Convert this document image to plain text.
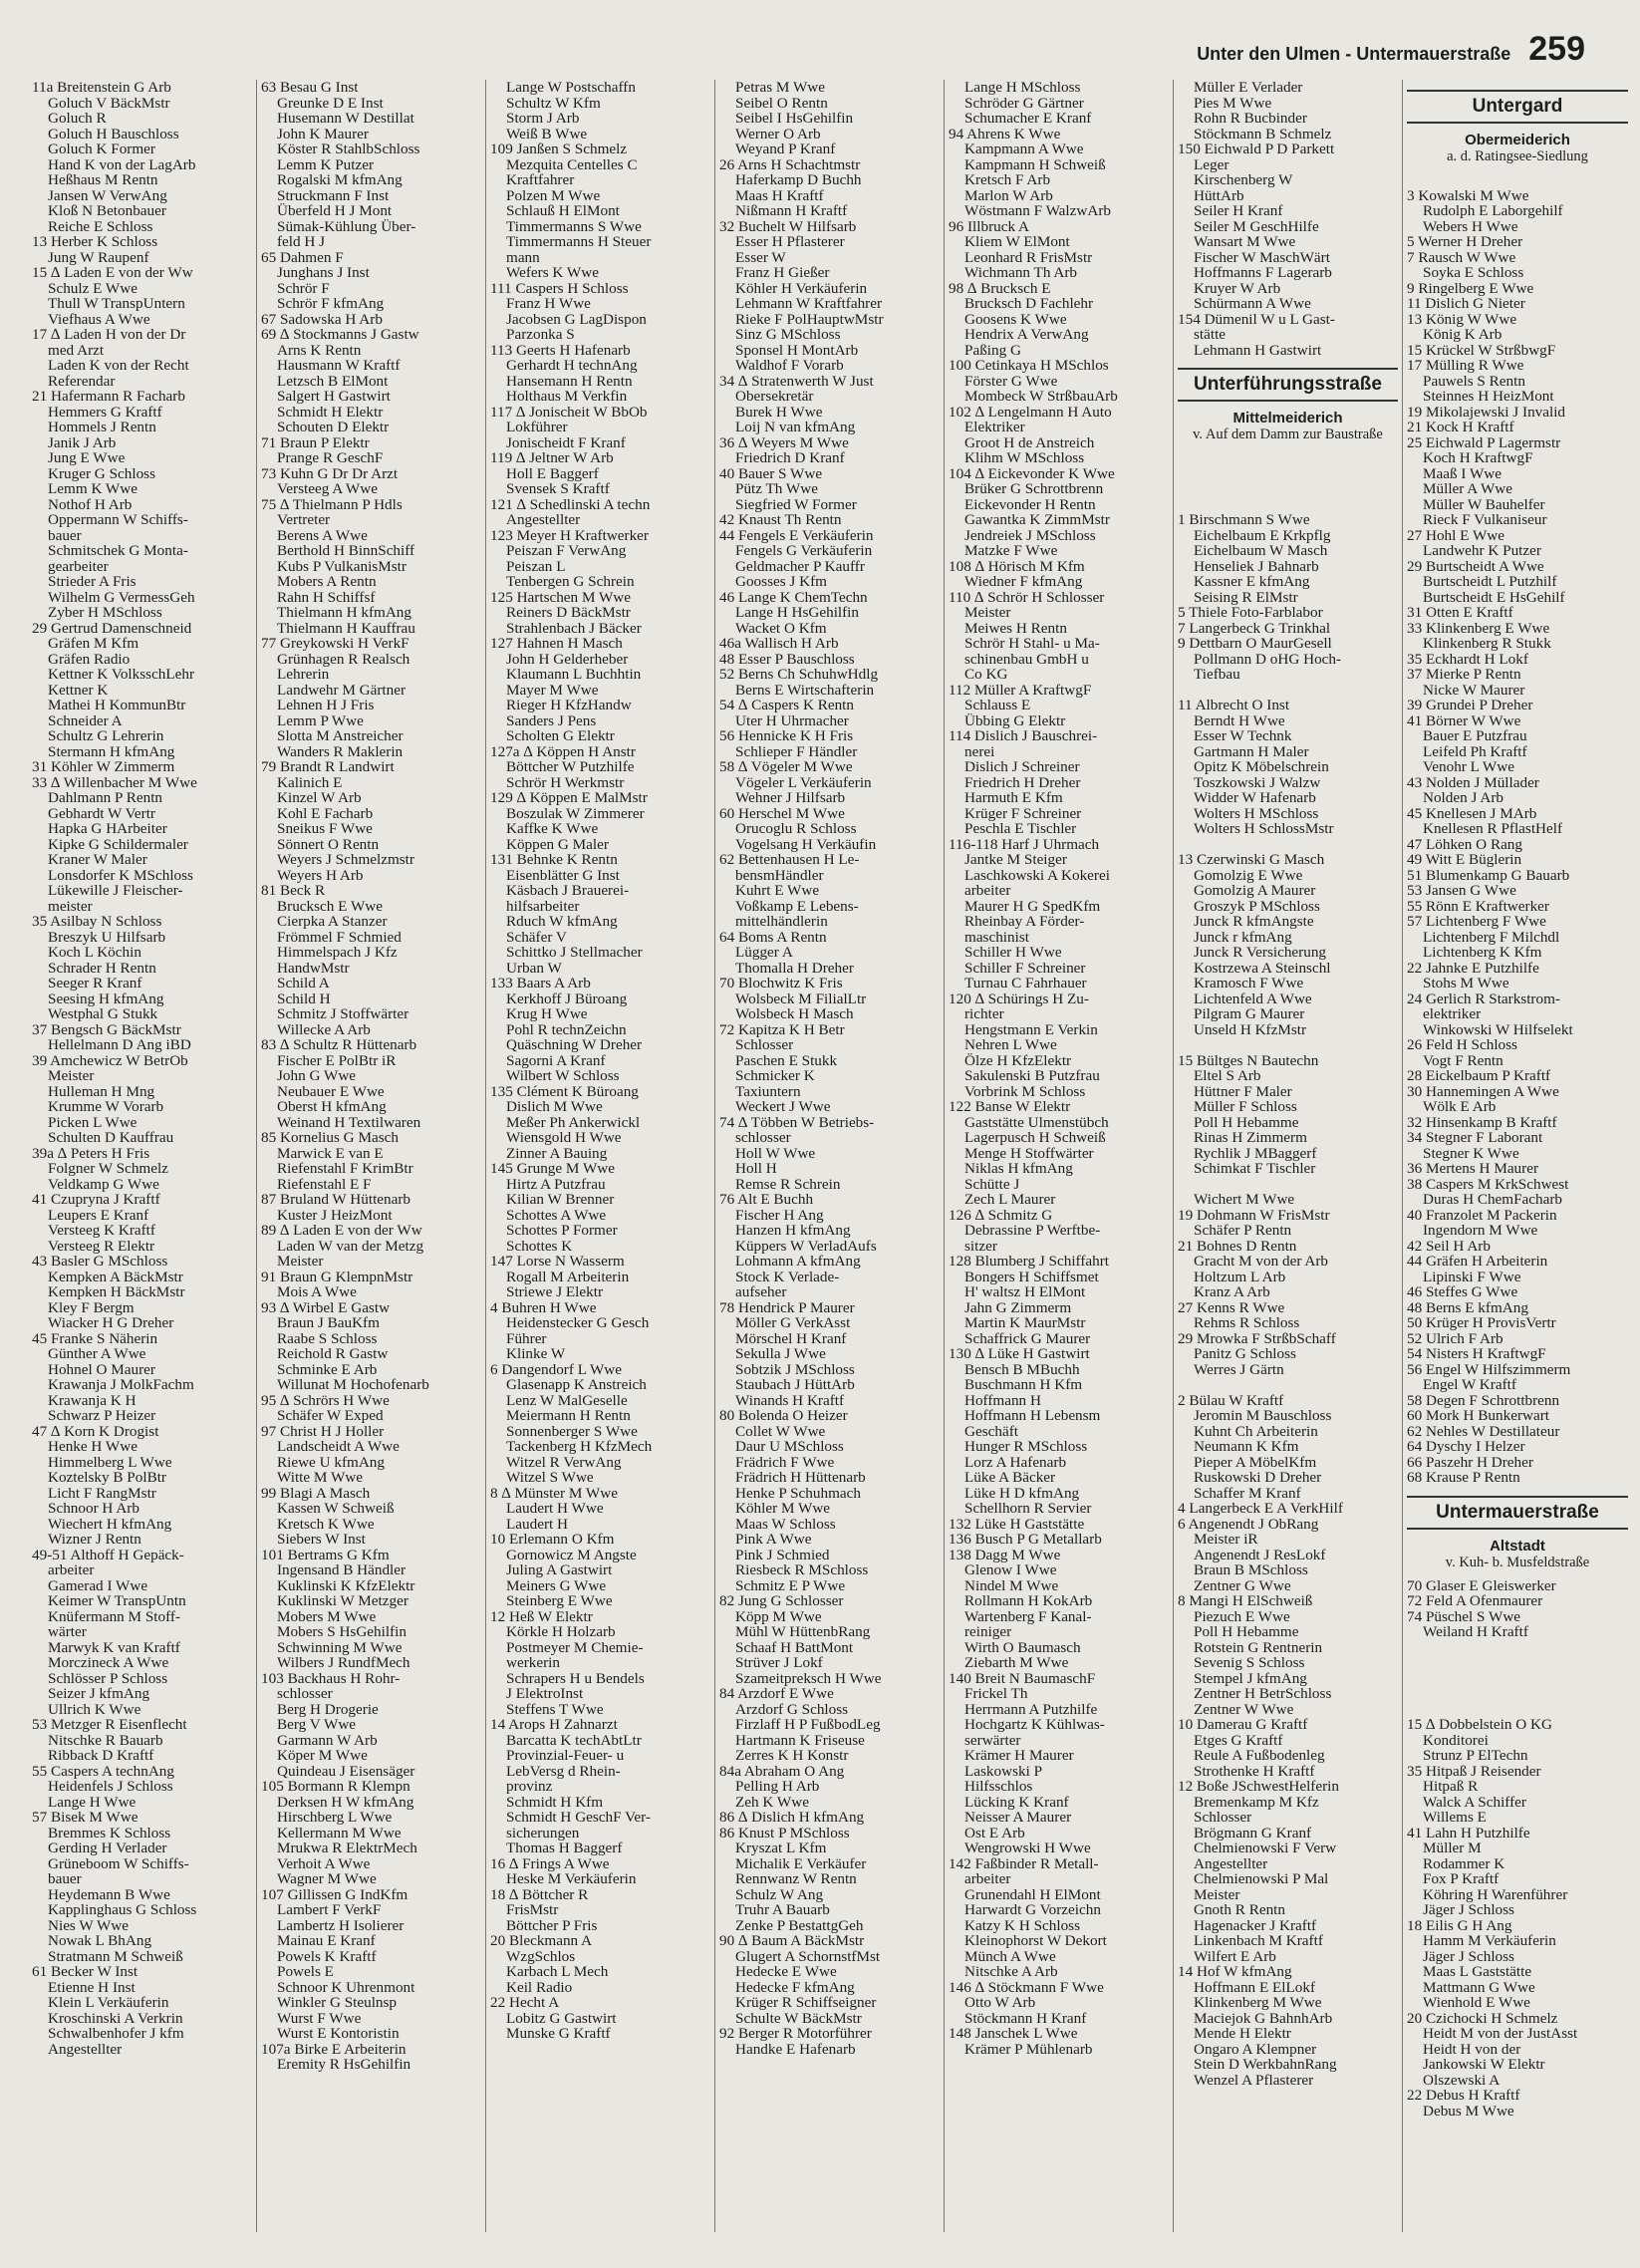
Unter den Ulmen - Untermauerstraße 259
11a Breitenstein G Arb
Goluch V BäckMstr
Goluch R
Goluch H Bauschloss
Goluch K Former
Hand K von der LagArb
Heßhaus M Rentn
Jansen W VerwAng
Kloß N Betonbauer
Reiche E Schloss
13 Herber K Schloss
Jung W Raupenf
15 ∆ Laden E von der Ww
Schulz E Wwe
Thull W TranspUntern
Viefhaus A Wwe
17 ∆ Laden H von der Dr
med Arzt
Laden K von der Recht
Referendar
21 Hafermann R Facharb
Hemmers G Kraftf
Hommels J Rentn
Janik J Arb
Jung E Wwe
Kruger G Schloss
Lemm K Wwe
Nothof H Arb
Oppermann W Schiffs-
bauer
Schmitschek G Monta-
gearbeiter
Strieder A Fris
Wilhelm G VermessGeh
Zyber H MSchloss
29 Gertrud Damenschneid
Gräfen M Kfm
Gräfen Radio
Kettner K VolksschLehr
Kettner K
Mathei H KommunBtr
Schneider A
Schultz G Lehrerin
Stermann H kfmAng
31 Köhler W Zimmerm
33 ∆ Willenbacher M Wwe
Dahlmann P Rentn
Gebhardt W Vertr
Hapka G HArbeiter
Kipke G Schildermaler
Kraner W Maler
Lonsdorfer K MSchloss
Lükewille J Fleischer-
meister
35 Asilbay N Schloss
Breszyk U Hilfsarb
Koch L Köchin
Schrader H Rentn
Seeger R Kranf
Seesing H kfmAng
Westphal G Stukk
37 Bengsch G BäckMstr
Hellelmann D Ang iBD
39 Amchewicz W BetrOb
Meister
Hulleman H Mng
Krumme W Vorarb
Picken L Wwe
Schulten D Kauffrau
39a ∆ Peters H Fris
Folgner W Schmelz
Veldkamp G Wwe
41 Czupryna J Kraftf
Leupers E Kranf
Versteeg K Kraftf
Versteeg R Elektr
43 Basler G MSchloss
Kempken A BäckMstr
Kempken H BäckMstr
Kley F Bergm
Wiacker H G Dreher
45 Franke S Näherin
Günther A Wwe
Hohnel O Maurer
Krawanja J MolkFachm
Krawanja K H
Schwarz P Heizer
47 ∆ Korn K Drogist
Henke H Wwe
Himmelberg L Wwe
Koztelsky B PolBtr
Licht F RangMstr
Schnoor H Arb
Wiechert H kfmAng
Wizner J Rentn
49-51 Althoff H Gepäck-
arbeiter
Gamerad I Wwe
Keimer W TranspUntn
Knüfermann M Stoff-
wärter
Marwyk K van Kraftf
Morczineck A Wwe
Schlösser P Schloss
Seizer J kfmAng
Ullrich K Wwe
53 Metzger R Eisenflecht
Nitschke R Bauarb
Ribback D Kraftf
55 Caspers A technAng
Heidenfels J Schloss
Lange H Wwe
57 Bisek M Wwe
Bremmes K Schloss
Gerding H Verlader
Grüneboom W Schiffs-
bauer
Heydemann B Wwe
Kapplinghaus G Schloss
Nies W Wwe
Nowak L BhAng
Stratmann M Schweiß
61 Becker W Inst
Etienne H Inst
Klein L Verkäuferin
Kroschinski A Verkrin
Schwalbenhofer J kfm
Angestellter
63 Besau G Inst
Greunke D E Inst
Husemann W Destillat
John K Maurer
Köster R StahlbSchloss
Lemm K Putzer
Rogalski M kfmAng
Struckmann F Inst
Überfeld H J Mont
Sümak-Kühlung Über-
feld H J
65 Dahmen F
Junghans J Inst
Schrör F
Schrör F kfmAng
67 Sadowska H Arb
69 ∆ Stockmanns J Gastw
Arns K Rentn
Hausmann W Kraftf
Letzsch B ElMont
Salgert H Gastwirt
Schmidt H Elektr
Schouten D Elektr
71 Braun P Elektr
Prange R GeschF
73 Kuhn G Dr Dr Arzt
Versteeg A Wwe
75 ∆ Thielmann P Hdls
Vertreter
Berens A Wwe
Berthold H BinnSchiff
Kubs P VulkanisMstr
Mobers A Rentn
Rahn H Schiffsf
Thielmann H kfmAng
Thielmann H Kauffrau
77 Greykowski H VerkF
Grünhagen R Realsch
Lehrerin
Landwehr M Gärtner
Lehnen H J Fris
Lemm P Wwe
Slotta M Anstreicher
Wanders R Maklerin
79 Brandt R Landwirt
Kalinich E
Kinzel W Arb
Kohl E Facharb
Sneikus F Wwe
Sönnert O Rentn
Weyers J Schmelzmstr
Weyers H Arb
81 Beck R
Brucksch E Wwe
Cierpka A Stanzer
Frömmel F Schmied
Himmelspach J Kfz
HandwMstr
Schild A
Schild H
Schmitz J Stoffwärter
Willecke A Arb
83 ∆ Schultz R Hüttenarb
Fischer E PolBtr iR
John G Wwe
Neubauer E Wwe
Oberst H kfmAng
Weinand H Textilwaren
85 Kornelius G Masch
Marwick E van E
Riefenstahl F KrimBtr
Riefenstahl E F
87 Bruland W Hüttenarb
Kuster J HeizMont
89 ∆ Laden E von der Ww
Laden W van der Metzg
Meister
91 Braun G KlempnMstr
Mois A Wwe
93 ∆ Wirbel E Gastw
Braun J BauKfm
Raabe S Schloss
Reichold R Gastw
Schminke E Arb
Willunat M Hochofenarb
95 ∆ Schrörs H Wwe
Schäfer W Exped
97 Christ H J Holler
Landscheidt A Wwe
Riewe U kfmAng
Witte M Wwe
99 Blagi A Masch
Kassen W Schweiß
Kretsch K Wwe
Siebers W Inst
101 Bertrams G Kfm
Ingensand B Händler
Kuklinski K KfzElektr
Kuklinski W Metzger
Mobers M Wwe
Mobers S HsGehilfin
Schwinning M Wwe
Wilbers J RundfMech
103 Backhaus H Rohr-
schlosser
Berg H Drogerie
Berg V Wwe
Garmann W Arb
Köper M Wwe
Quindeau J Eisensäger
105 Bormann R Klempn
Derksen H W kfmAng
Hirschberg L Wwe
Kellermann M Wwe
Mrukwa R ElektrMech
Verhoit A Wwe
Wagner M Wwe
107 Gillissen G IndKfm
Lambert F VerkF
Lambertz H Isolierer
Mainau E Kranf
Powels K Kraftf
Powels E
Schnoor K Uhrenmont
Winkler G Steulnsp
Wurst F Wwe
Wurst E Kontoristin
107a Birke E Arbeiterin
Eremity R HsGehilfin
Lange W Postschaffn
Schultz W Kfm
Storm J Arb
Weiß B Wwe
109 Janßen S Schmelz
Mezquita Centelles C
Kraftfahrer
Polzen M Wwe
Schlauß H ElMont
Timmermanns S Wwe
Timmermanns H Steuer
mann
Wefers K Wwe
111 Caspers H Schloss
Franz H Wwe
Jacobsen G LagDispon
Parzonka S
113 Geerts H Hafenarb
Gerhardt H technAng
Hansemann H Rentn
Holthaus M Verkfin
117 ∆ Jonischeit W BbOb
Lokführer
Jonischeidt F Kranf
119 ∆ Jeltner W Arb
Holl E Baggerf
Svensek S Kraftf
121 ∆ Schedlinski A techn
Angestellter
123 Meyer H Kraftwerker
Peiszan F VerwAng
Peiszan L
Tenbergen G Schrein
125 Hartschen M Wwe
Reiners D BäckMstr
Strahlenbach J Bäcker
127 Hahnen H Masch
John H Gelderheber
Klaumann L Buchhtin
Mayer M Wwe
Rieger H KfzHandw
Sanders J Pens
Scholten G Elektr
127a ∆ Köppen H Anstr
Böttcher W Putzhilfe
Schrör H Werkmstr
129 ∆ Köppen E MalMstr
Boszulak W Zimmerer
Kaffke K Wwe
Köppen G Maler
131 Behnke K Rentn
Eisenblätter G Inst
Käsbach J Brauerei-
hilfsarbeiter
Rduch W kfmAng
Schäfer V
Schittko J Stellmacher
Urban W
133 Baars A Arb
Kerkhoff J Büroang
Krug H Wwe
Pohl R technZeichn
Quäschning W Dreher
Sagorni A Kranf
Wilbert W Schloss
135 Clément K Büroang
Dislich M Wwe
Meßer Ph Ankerwickl
Wiensgold H Wwe
Zinner A Bauing
145 Grunge M Wwe
Hirtz A Putzfrau
Kilian W Brenner
Schottes A Wwe
Schottes P Former
Schottes K
147 Lorse N Wasserm
Rogall M Arbeiterin
Striewe J Elektr
4 Buhren H Wwe
Heidenstecker G Gesch
Führer
Klinke W
6 Dangendorf L Wwe
Glasenapp K Anstreich
Lenz W MalGeselle
Meiermann H Rentn
Sonnenberger S Wwe
Tackenberg H KfzMech
Witzel R VerwAng
Witzel S Wwe
8 ∆ Münster M Wwe
Laudert H Wwe
Laudert H
10 Erlemann O Kfm
Gornowicz M Angste
Juling A Gastwirt
Meiners G Wwe
Steinberg E Wwe
12 Heß W Elektr
Körkle H Holzarb
Postmeyer M Chemie-
werkerin
Schrapers H u Bendels
J ElektroInst
Steffens T Wwe
14 Arops H Zahnarzt
Barcatta K techAbtLtr
Provinzial-Feuer- u
LebVersg d Rhein-
provinz
Schmidt H Kfm
Schmidt H GeschF Ver-
sicherungen
Thomas H Baggerf
16 ∆ Frings A Wwe
Heske M Verkäuferin
18 ∆ Böttcher R
FrisMstr
Böttcher P Fris
20 Bleckmann A
WzgSchlos
Karbach L Mech
Keil Radio
22 Hecht A
Lobitz G Gastwirt
Munske G Kraftf
Petras M Wwe
Seibel O Rentn
Seibel I HsGehilfin
Werner O Arb
Weyand P Kranf
26 Arns H Schachtmstr
Haferkamp D Buchh
Maas H Kraftf
Nißmann H Kraftf
32 Buchelt W Hilfsarb
Esser H Pflasterer
Esser W
Franz H Gießer
Köhler H Verkäuferin
Lehmann W Kraftfahrer
Rieke F PolHauptwMstr
Sinz G MSchloss
Sponsel H MontArb
Waldhof F Vorarb
34 ∆ Stratenwerth W Just
Obersekretär
Burek H Wwe
Loij N van kfmAng
36 ∆ Weyers M Wwe
Friedrich D Kranf
40 Bauer S Wwe
Pütz Th Wwe
Siegfried W Former
42 Knaust Th Rentn
44 Fengels E Verkäuferin
Fengels G Verkäuferin
Geldmacher P Kauffr
Goosses J Kfm
46 Lange K ChemTechn
Lange H HsGehilfin
Wacket O Kfm
46a Wallisch H Arb
48 Esser P Bauschloss
52 Berns Ch SchuhwHdlg
Berns E Wirtschafterin
54 ∆ Caspers K Rentn
Uter H Uhrmacher
56 Hennicke K H Fris
Schlieper F Händler
58 ∆ Vögeler M Wwe
Vögeler L Verkäuferin
Wehner J Hilfsarb
60 Herschel M Wwe
Orucoglu R Schloss
Vogelsang H Verkäufin
62 Bettenhausen H Le-
bensmHändler
Kuhrt E Wwe
Voßkamp E Lebens-
mittelhändlerin
64 Boms A Rentn
Lügger A
Thomalla H Dreher
70 Blochwitz K Fris
Wolsbeck M FilialLtr
Wolsbeck H Masch
72 Kapitza K H Betr
Schlosser
Paschen E Stukk
Schmicker K
Taxiuntern
Weckert J Wwe
74 ∆ Többen W Betriebs-
schlosser
Holl W Wwe
Holl H
Remse R Schrein
76 Alt E Buchh
Fischer H Ang
Hanzen H kfmAng
Küppers W VerladAufs
Lohmann A kfmAng
Stock K Verlade-
aufseher
78 Hendrick P Maurer
Möller G VerkAsst
Mörschel H Kranf
Sekulla J Wwe
Sobtzik J MSchloss
Staubach J HüttArb
Winands H Kraftf
80 Bolenda O Heizer
Collet W Wwe
Daur U MSchloss
Frädrich F Wwe
Frädrich H Hüttenarb
Henke P Schuhmach
Köhler M Wwe
Maas W Schloss
Pink A Wwe
Pink J Schmied
Riesbeck R MSchloss
Schmitz E P Wwe
82 Jung G Schlosser
Köpp M Wwe
Mühl W HüttenbRang
Schaaf H BattMont
Strüver J Lokf
Szameitpreksch H Wwe
84 Arzdorf E Wwe
Arzdorf G Schloss
Firzlaff H P FußbodLeg
Hartmann K Friseuse
Zerres K H Konstr
84a Abraham O Ang
Pelling H Arb
Zeh K Wwe
86 ∆ Dislich H kfmAng
86 Knust P MSchloss
Kryszat L Kfm
Michalik E Verkäufer
Rennwanz W Rentn
Schulz W Ang
Truhr A Bauarb
Zenke P BestattgGeh
90 ∆ Baum A BäckMstr
Glugert A SchornstfMst
Hedecke E Wwe
Hedecke F kfmAng
Krüger R Schiffseigner
Schulte W BäckMstr
92 Berger R Motorführer
Handke E Hafenarb
Lange H MSchloss
Schröder G Gärtner
Schumacher E Kranf
94 Ahrens K Wwe
Kampmann A Wwe
Kampmann H Schweiß
Kretsch F Arb
Marlon W Arb
Wöstmann F WalzwArb
96 Illbruck A
Kliem W ElMont
Leonhard R FrisMstr
Wichmann Th Arb
98 ∆ Brucksch E
Brucksch D Fachlehr
Goosens K Wwe
Hendrix A VerwAng
Paßing G
100 Cetinkaya H MSchlos
Förster G Wwe
Mombeck W StrßbauArb
102 ∆ Lengelmann H Auto
Elektriker
Groot H de Anstreich
Klihm W MSchloss
104 ∆ Eickevonder K Wwe
Brüker G Schrottbrenn
Eickevonder H Rentn
Gawantka K ZimmMstr
Jendreiek J MSchloss
Matzke F Wwe
108 ∆ Hörisch M Kfm
Wiedner F kfmAng
110 ∆ Schrör H Schlosser
Meister
Meiwes H Rentn
Schrör H Stahl- u Ma-
schinenbau GmbH u
Co KG
112 Müller A KraftwgF
Schlauss E
Übbing G Elektr
114 Dislich J Bauschrei-
nerei
Dislich J Schreiner
Friedrich H Dreher
Harmuth E Kfm
Krüger F Schreiner
Peschla E Tischler
116-118 Harf J Uhrmach
Jantke M Steiger
Laschkowski A Kokerei
arbeiter
Maurer H G SpedKfm
Rheinbay A Förder-
maschinist
Schiller H Wwe
Schiller F Schreiner
Turnau C Fahrhauer
120 ∆ Schürings H Zu-
richter
Hengstmann E Verkin
Nehren L Wwe
Ölze H KfzElektr
Sakulenski B Putzfrau
Vorbrink M Schloss
122 Banse W Elektr
Gaststätte Ulmenstübch
Lagerpusch H Schweiß
Menge H Stoffwärter
Niklas H kfmAng
Schütte J
Zech L Maurer
126 ∆ Schmitz G
Debrassine P Werftbe-
sitzer
128 Blumberg J Schiffahrt
Bongers H Schiffsmet
H' waltsz H ElMont
Jahn G Zimmerm
Martin K MaurMstr
Schaffrick G Maurer
130 ∆ Lüke H Gastwirt
Bensch B MBuchh
Buschmann H Kfm
Hoffmann H
Hoffmann H Lebensm
Geschäft
Hunger R MSchloss
Lorz A Hafenarb
Lüke A Bäcker
Lüke H D kfmAng
Schellhorn R Servier
132 Lüke H Gaststätte
136 Busch P G Metallarb
138 Dagg M Wwe
Glenow I Wwe
Nindel M Wwe
Rollmann H KokArb
Wartenberg F Kanal-
reiniger
Wirth O Baumasch
Ziebarth M Wwe
140 Breit N BaumaschF
Frickel Th
Herrmann A Putzhilfe
Hochgartz K Kühlwas-
serwärter
Krämer H Maurer
Laskowski P
Hilfsschlos
Lücking K Kranf
Neisser A Maurer
Ost E Arb
Wengrowski H Wwe
142 Faßbinder R Metall-
arbeiter
Grunendahl H ElMont
Harwardt G Vorzeichn
Katzy K H Schloss
Kleinophorst W Dekort
Münch A Wwe
Nitschke A Arb
146 ∆ Stöckmann F Wwe
Otto W Arb
Stöckmann H Kranf
148 Janschek L Wwe
Krämer P Mühlenarb
Müller E Verlader
Pies M Wwe
Rohn R Bucbinder
Stöckmann B Schmelz
150 Eichwald P D Parkett
Leger
Kirschenberg W
HüttArb
Seiler H Kranf
Seiler M GeschHilfe
Wansart M Wwe
Fischer W MaschWärt
Hoffmanns F Lagerarb
Kruyer W Arb
Schürmann A Wwe
154 Dümenil W u L Gast-
stätte
Lehmann H Gastwirt
Unterführungsstraße
Mittelmeiderich
v. Auf dem Damm zur Baustraße

1 Birschmann S Wwe
Eichelbaum E Krkpflg
Eichelbaum W Masch
Henseliek J Bahnarb
Kassner E kfmAng
Seising R ElMstr
5 Thiele Foto-Farblabor
7 Langerbeck G Trinkhal
9 Dettbarn O MaurGesell
Pollmann D oHG Hoch-
Tiefbau

11 Albrecht O Inst
Berndt H Wwe
Esser W Technk
Gartmann H Maler
Opitz K Möbelschrein
Toszkowski J Walzw
Widder W Hafenarb
Wolters H MSchloss
Wolters H SchlossMstr

13 Czerwinski G Masch
Gomolzig E Wwe
Gomolzig A Maurer
Groszyk P MSchloss
Junck R kfmAngste
Junck r kfmAng
Junck R Versicherung
Kostrzewa A Steinschl
Kramosch F Wwe
Lichtenfeld A Wwe
Pilgram G Maurer
Unseld H KfzMstr

15 Bültges N Bautechn
Eltel S Arb
Hüttner F Maler
Müller F Schloss
Poll H Hebamme
Rinas H Zimmerm
Rychlik J MBaggerf
Schimkat F Tischler

Wichert M Wwe
19 Dohmann W FrisMstr
Schäfer P Rentn
21 Bohnes D Rentn
Gracht M von der Arb
Holtzum L Arb
Kranz A Arb
27 Kenns R Wwe
Rehms R Schloss
29 Mrowka F StrßbSchaff
Panitz G Schloss
Werres J Gärtn

2 Bülau W Kraftf
Jeromin M Bauschloss
Kuhnt Ch Arbeiterin
Neumann K Kfm
Pieper A MöbelKfm
Ruskowski D Dreher
Schaffer M Kranf
4 Langerbeck E A VerkHilf
6 Angenendt J ObRang
Meister iR
Angenendt J ResLokf
Braun B MSchloss
Zentner G Wwe
8 Mangi H ElSchweiß
Piezuch E Wwe
Poll H Hebamme
Rotstein G Rentnerin
Sevenig S Schloss
Stempel J kfmAng
Zentner H BetrSchloss
Zentner W Wwe
10 Damerau G Kraftf
Etges G Kraftf
Reule A Fußbodenleg
Strothenke H Kraftf
12 Boße JSchwestHelferin
Bremenkamp M Kfz
Schlosser
Brögmann G Kranf
Chelmienowski F Verw
Angestellter
Chelmienowski P Mal
Meister
Gnoth R Rentn
Hagenacker J Kraftf
Linkenbach M Kraftf
Wilfert E Arb
14 Hof W kfmAng
Hoffmann E ElLokf
Klinkenberg M Wwe
Maciejok G BahnhArb
Mende H Elektr
Ongaro A Klempner
Stein D WerkbahnRang
Wenzel A Pflasterer
Untergard
Obermeiderich
a. d. Ratingsee-Siedlung

3 Kowalski M Wwe
Rudolph E Laborgehilf
Webers H Wwe
5 Werner H Dreher
7 Rausch W Wwe
Soyka E Schloss
9 Ringelberg E Wwe
11 Dislich G Nieter
13 König W Wwe
König K Arb
15 Krückel W StrßbwgF
17 Mülling R Wwe
Pauwels S Rentn
Steinnes H HeizMont
19 Mikolajewski J Invalid
21 Kock H Kraftf
25 Eichwald P Lagermstr
Koch H KraftwgF
Maaß I Wwe
Müller A Wwe
Müller W Bauhelfer
Rieck F Vulkaniseur
27 Hohl E Wwe
Landwehr K Putzer
29 Burtscheidt A Wwe
Burtscheidt L Putzhilf
Burtscheidt E HsGehilf
31 Otten E Kraftf
33 Klinkenberg E Wwe
Klinkenberg R Stukk
35 Eckhardt H Lokf
37 Mierke P Rentn
Nicke W Maurer
39 Grundei P Dreher
41 Börner W Wwe
Bauer E Putzfrau
Leifeld Ph Kraftf
Venohr L Wwe
43 Nolden J Müllader
Nolden J Arb
45 Knellesen J MArb
Knellesen R PflastHelf
47 Löhken O Rang
49 Witt E Büglerin
51 Blumenkamp G Bauarb
53 Jansen G Wwe
55 Rönn E Kraftwerker
57 Lichtenberg F Wwe
Lichtenberg F Milchdl
Lichtenberg K Kfm
22 Jahnke E Putzhilfe
Stohs M Wwe
24 Gerlich R Starkstrom-
elektriker
Winkowski W Hilfselekt
26 Feld H Schloss
Vogt F Rentn
28 Eickelbaum P Kraftf
30 Hannemingen A Wwe
Wölk E Arb
32 Hinsenkamp B Kraftf
34 Stegner F Laborant
Stegner K Wwe
36 Mertens H Maurer
38 Caspers M KrkSchwest
Duras H ChemFacharb
40 Franzolet M Packerin
Ingendorn M Wwe
42 Seil H Arb
44 Gräfen H Arbeiterin
Lipinski F Wwe
46 Steffes G Wwe
48 Berns E kfmAng
50 Krüger H ProvisVertr
52 Ulrich F Arb
54 Nisters H KraftwgF
56 Engel W Hilfszimmerm
Engel W Kraftf
58 Degen F Schrottbrenn
60 Mork H Bunkerwart
62 Nehles W Destillateur
64 Dyschy I Helzer
66 Paszehr H Dreher
68 Krause P Rentn
Untermauerstraße
Altstadt
v. Kuh- b. Musfeldstraße
70 Glaser E Gleiswerker
72 Feld A Ofenmaurer
74 Püschel S Wwe
Weiland H Kraftf

15 ∆ Dobbelstein O KG
Konditorei
Strunz P ElTechn
35 Hitpaß J Reisender
Hitpaß R
Walck A Schiffer
Willems E
41 Lahn H Putzhilfe
Müller M
Rodammer K
Fox P Kraftf
Köhring H Warenführer
Jäger J Schloss
18 Eilis G H Ang
Hamm M Verkäuferin
Jäger J Schloss
Maas L Gaststätte
Mattmann G Wwe
Wienhold E Wwe
20 Czichocki H Schmelz
Heidt M von der JustAsst
Heidt H von der
Jankowski W Elektr
Olszewski A
22 Debus H Kraftf
Debus M Wwe
